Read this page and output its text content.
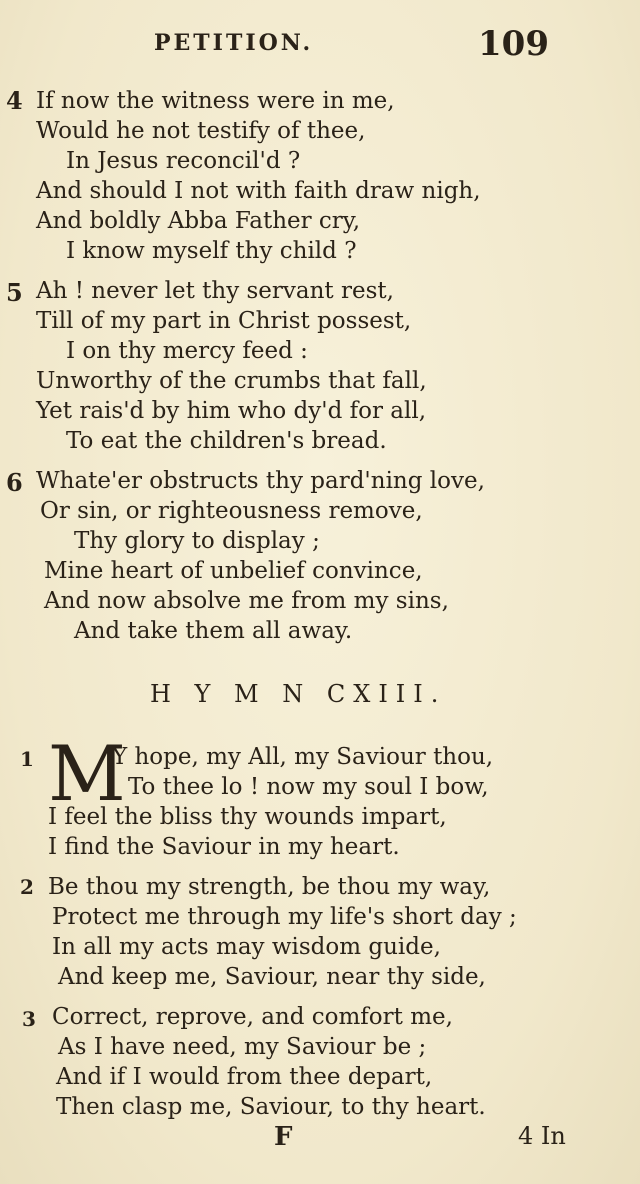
PETITION.	109
4 If now the witness were in me,
Would he not testify of thee,
In Jesus reconcil'd ?
And should I not with faith draw nigh,
And boldly Abba Father cry,
I know myself thy child ?
5 Ah ! never let thy servant rest,
Till of my part in Christ possest,
I on thy mercy feed :
Unworthy of the crumbs that fall,
Yet rais'd by him who dy'd for all,
To eat the children's bread.
6 Whate'er obstructs thy pard'ning love,
Or sin, or righteousness remove,
Thy glory to display ;
Mine heart of unbelief convince,
And now absolve me from my sins,
And take them all away.
H Y M N CXIII.
1 M
Y hope, my All, my Saviour thou,
To thee lo ! now my soul I bow,
I feel the bliss thy wounds impart,
I find the Saviour in my heart.
2 Be thou my strength, be thou my way,
Protect me through my life's short day ;
In all my acts may wisdom guide,
And keep me, Saviour, near thy side,
3 Correct, reprove, and comfort me,
As I have need, my Saviour be ;
And if I would from thee depart,
Then clasp me, Saviour, to thy heart.
F	4 In
